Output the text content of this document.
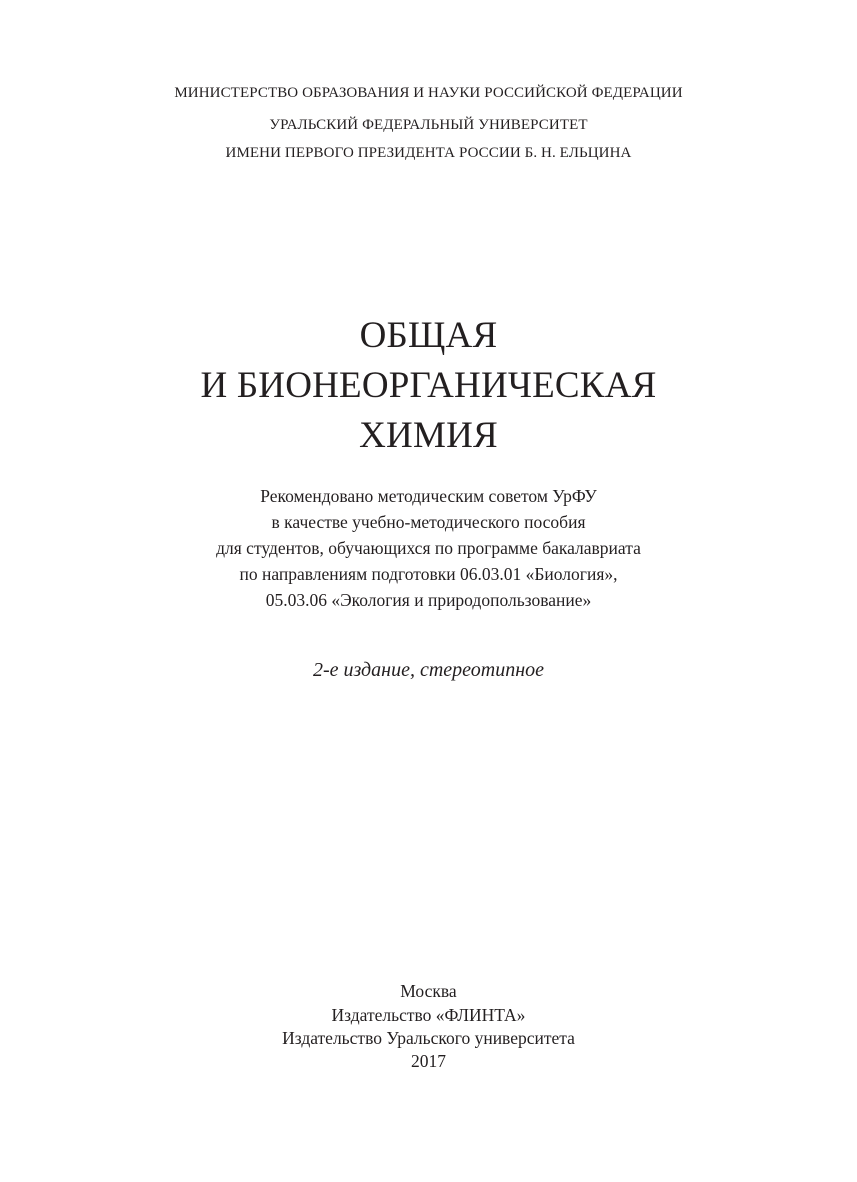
МИНИСТЕРСТВО ОБРАЗОВАНИЯ И НАУКИ РОССИЙСКОЙ ФЕДЕРАЦИИ
УРАЛЬСКИЙ ФЕДЕРАЛЬНЫЙ УНИВЕРСИТЕТ
ИМЕНИ ПЕРВОГО ПРЕЗИДЕНТА РОССИИ Б. Н. ЕЛЬЦИНА
ОБЩАЯ
И БИОНЕОРГАНИЧЕСКАЯ
ХИМИЯ
Рекомендовано методическим советом УрФУ
в качестве учебно-методического пособия
для студентов, обучающихся по программе бакалавриата
по направлениям подготовки 06.03.01 «Биология»,
05.03.06 «Экология и природопользование»
2-е издание, стереотипное
Москва
Издательство «ФЛИНТА»
Издательство Уральского университета
2017
